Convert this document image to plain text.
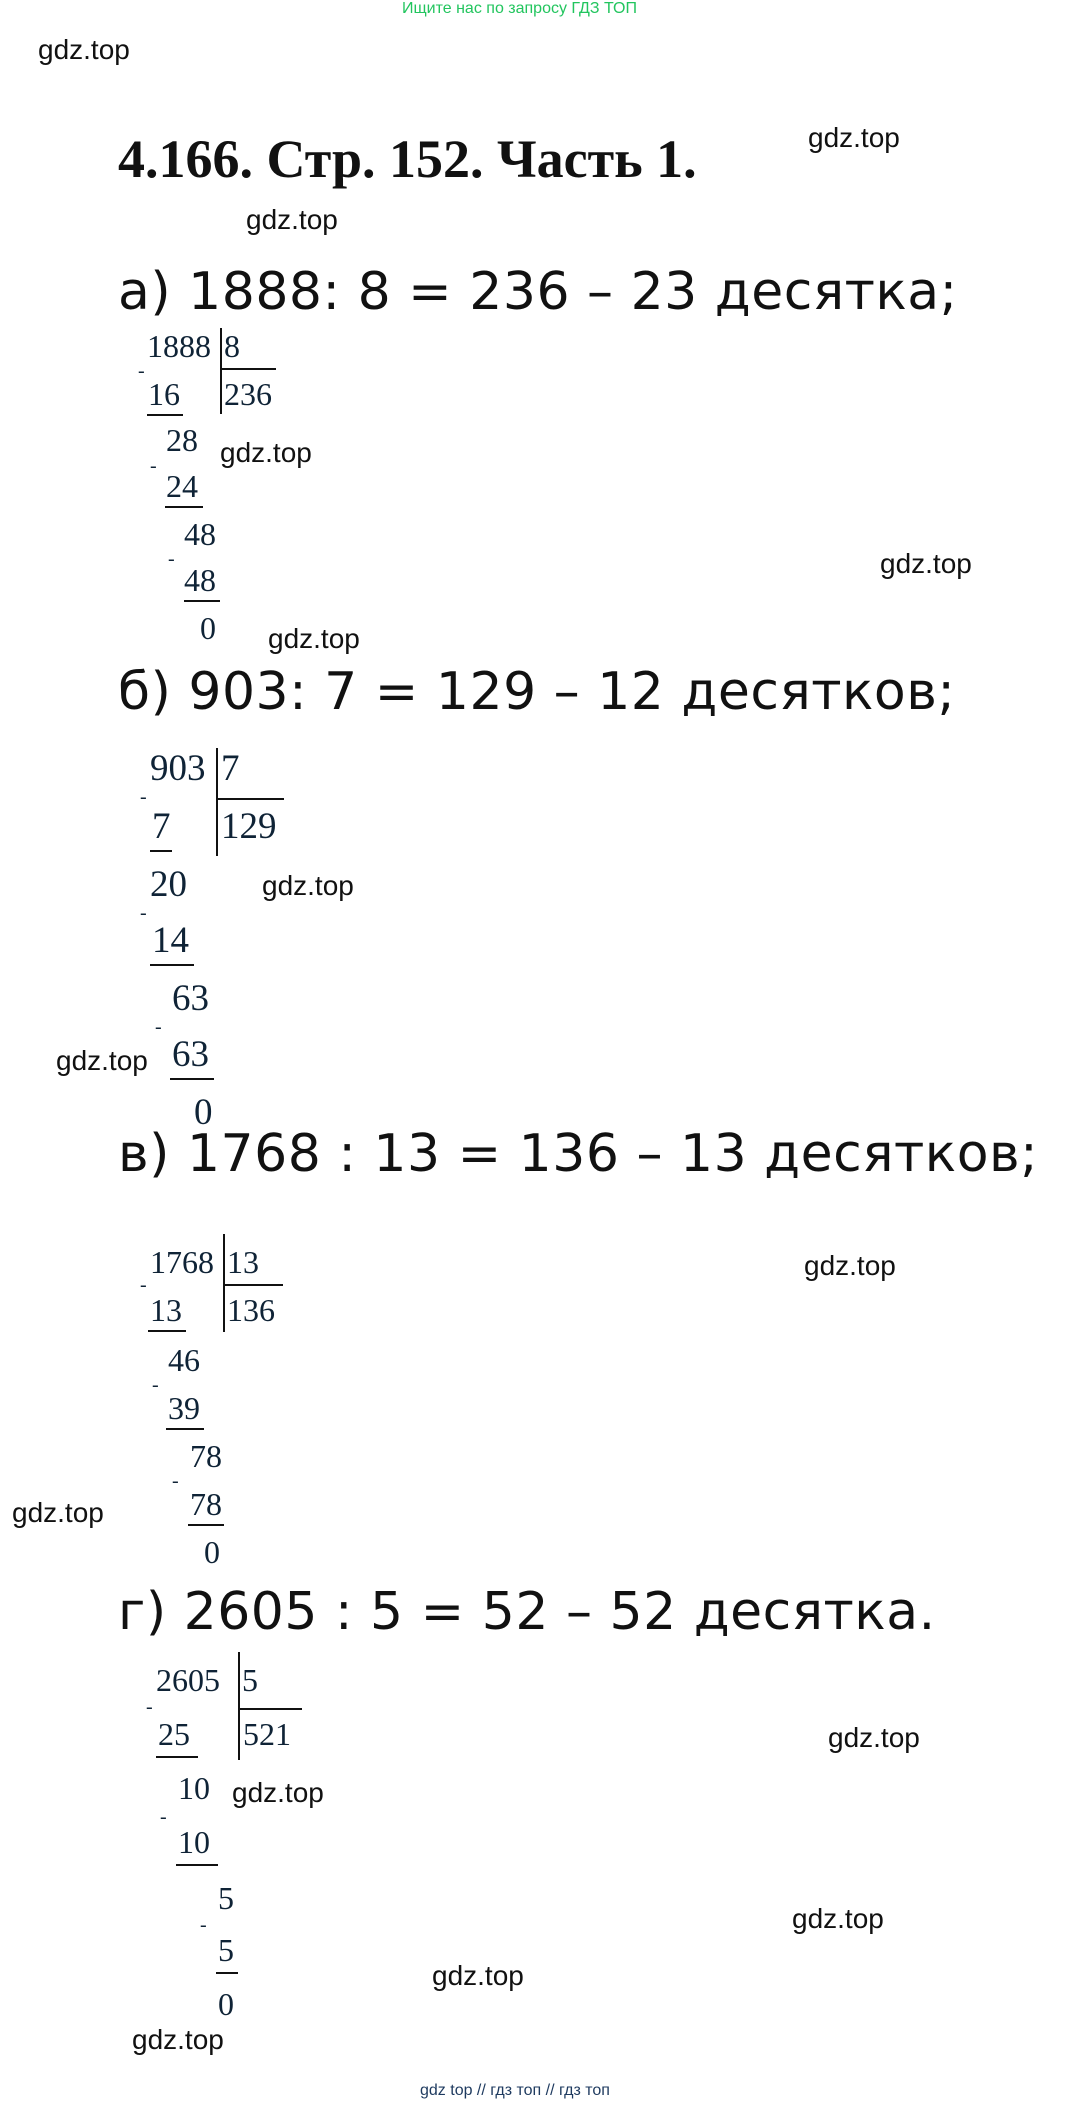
Ищите нас по запросу ГДЗ ТОП
gdz.top
gdz.top
gdz.top
gdz.top
gdz.top
gdz.top
gdz.top
gdz.top
gdz.top
gdz.top
gdz.top
gdz.top
gdz.top
gdz.top
gdz.top
4.166. Стр. 152. Часть 1.
а) 1888: 8 = 236 – 23 десятка;
1888 8
236
-
16
28
-
24
48
-
48
0
б) 903: 7 = 129 – 12 десятков;
903 7
129
-
7
20
-
14
63
-
63
0
в) 1768 : 13 = 136 – 13 десятков;
1768 13
136
-
13
46
-
39
78
-
78
0
г) 2605 : 5 = 52 – 52 десятка.
2605 5
521
-
25
10
-
10
5
-
5
0
gdz top // гдз топ // гдз топ
